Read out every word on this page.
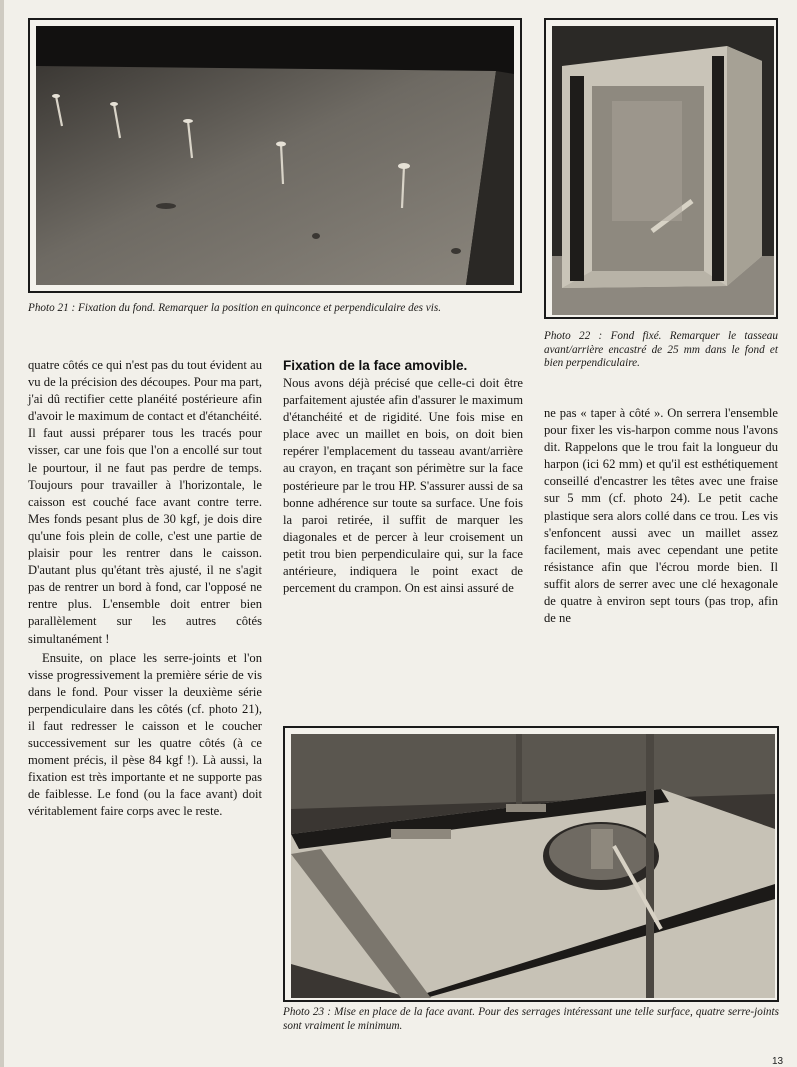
Photo 21 : Fixation du fond. Remarquer la position en quinconce et perpendiculaire des vis.
Photo 22 : Fond fixé. Remarquer le tasseau avant/arrière encastré de 25 mm dans le fond et bien perpendiculaire.

quatre côtés ce qui n'est pas du tout évident au vu de la précision des découpes. Pour ma part, j'ai dû rectifier cette planéité postérieure afin d'avoir le maximum de contact et d'étanchéité. Il faut aussi préparer tous les tracés pour visser, car une fois que l'on a encollé sur tout le pourtour, il ne faut pas perdre de temps. Toujours pour travailler à l'horizontale, le caisson est couché face avant contre terre. Mes fonds pesant plus de 30 kgf, je dois dire qu'une fois plein de colle, c'est une partie de plaisir pour les rentrer dans le caisson. D'autant plus qu'étant très ajusté, il ne s'agit pas de rentrer un bord à fond, car l'opposé ne rentre plus. L'ensemble doit entrer bien parallèlement sur les autres côtés simultanément !

Ensuite, on place les serre-joints et l'on visse progressivement la première série de vis dans le fond. Pour visser la deuxième série perpendiculaire dans les côtés (cf. photo 21), il faut redresser le caisson et le coucher successivement sur les quatre côtés (à ce moment précis, il pèse 84 kgf !). Là aussi, la fixation est très importante et ne supporte pas de faiblesse. Le fond (ou la face avant) doit véritablement faire corps avec le reste.

Fixation de la face amovible.

Nous avons déjà précisé que celle-ci doit être parfaitement ajustée afin d'assurer le maximum d'étanchéité et de rigidité. Une fois mise en place avec un maillet en bois, on doit bien repérer l'emplacement du tasseau avant/arrière au crayon, en traçant son périmètre sur la face postérieure par le trou HP. S'assurer aussi de sa bonne adhérence sur toute sa surface. Une fois la paroi retirée, il suffit de marquer les diagonales et de percer à leur croisement un petit trou bien perpendiculaire qui, sur la face antérieure, indiquera le point exact de percement du crampon. On est ainsi assuré de

ne pas « taper à côté ». On serrera l'ensemble pour fixer les vis-harpon comme nous l'avons dit. Rappelons que le trou fait la longueur du harpon (ici 62 mm) et qu'il est esthétiquement conseillé d'encastrer les têtes avec une fraise sur 5 mm (cf. photo 24). Le petit cache plastique sera alors collé dans ce trou. Les vis s'enfoncent aussi avec un maillet assez facilement, mais avec cependant une petite résistance afin que l'écrou morde bien. Il suffit alors de serrer avec une clé hexagonale de quatre à environ sept tours (pas trop, afin de ne

Photo 23 : Mise en place de la face avant. Pour des serrages intéressant une telle surface, quatre serre-joints sont vraiment le minimum.
13
